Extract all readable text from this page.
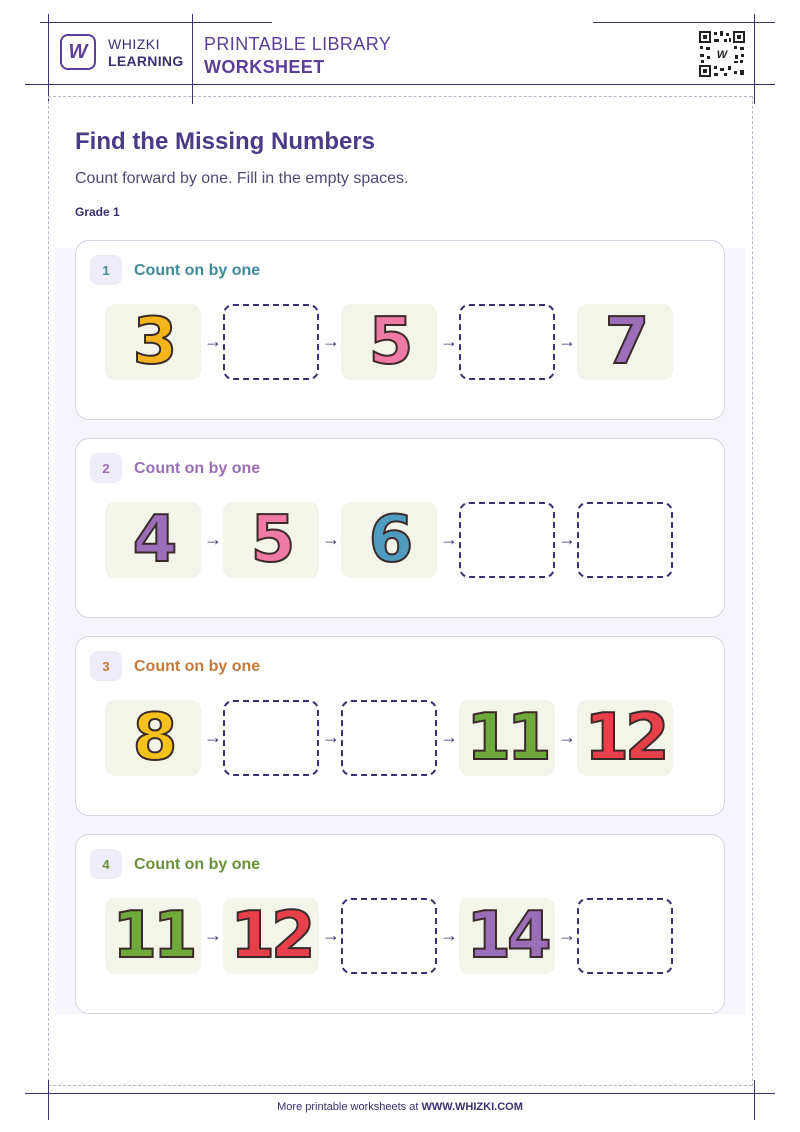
W WHIZKI
LEARNING
PRINTABLE LIBRARY
WORKSHEET
W
Find the Missing Numbers
Count forward by one. Fill in the empty spaces.
Grade 1
1	Count on by one
3 →	→ 5 →	→ 7
2	Count on by one
4 → 5 → 6 →	→
3	Count on by one
8 →	→	→ 11 → 12
4	Count on by one
11 → 12 →	→ 14 →
More printable worksheets at WWW.WHIZKI.COM
